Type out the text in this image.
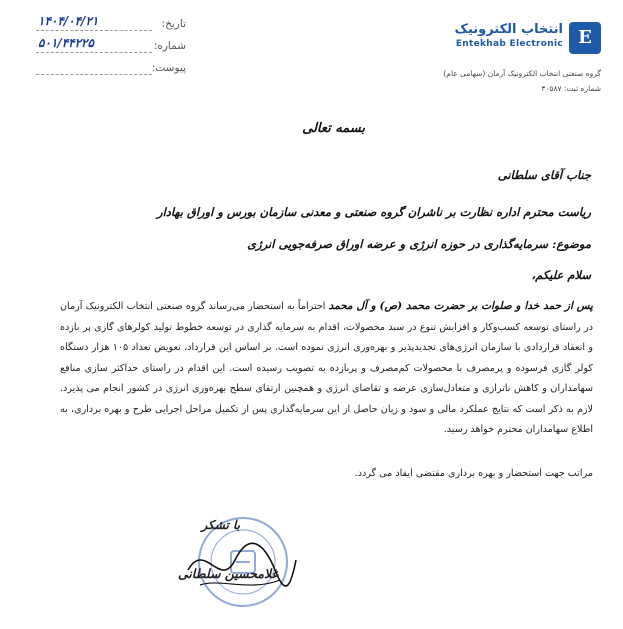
۱۴۰۴/۰۴/۲۱	تاریخ:
۵۰۱/۴۴۲۲۵	شماره:
پیوست:
E
انتخاب الکترونیک
Entekhab Electronic
گروه صنعتی انتخاب الکترونیک آرمان (سهامی عام)
شماره ثبت: ۳۰۵۸۷
بسمه تعالی
جناب آقای سلطانی
ریاست محترم اداره نظارت بر ناشران گروه صنعتی و معدنی سازمان بورس و اوراق بهادار
موضوع: سرمایه‌گذاری در حوزه انرژی و عرضه اوراق صرفه‌جویی انرژی
سلام علیکم،
پس از حمد خدا و صلوات بر حضرت محمد (ص) و آل محمد احتراماً به استحضار می‌رساند گروه صنعتی انتخاب الکترونیک آرمان در راستای توسعه کسب‌وکار و افزایش تنوع در سبد محصولات، اقدام به سرمایه گذاری در توسعه خطوط تولید کولرهای گازی پر بازده و انعقاد قراردادی با سازمان انرژی‌های تجدیدپذیر و بهره‌وری انرژی نموده است. بر اساس این قرارداد، تعویض تعداد ۱۰۵ هزار دستگاه کولر گازی فرسوده و پرمصرف با محصولات کم‌مصرف و پربازده به تصویب رسیده است. این اقدام در راستای حداکثر سازی منافع سهامداران و کاهش ناترازی و متعادل‌سازی عرضه و تقاضای انرژی و همچنین ارتقای سطح بهره‌وری انرژی در کشور انجام می پذیرد. لازم به ذکر است که نتایج عملکرد مالی و سود و زیان حاصل از این سرمایه‌گذاری پس از تکمیل مراحل اجرایی طرح و بهره برداری، به اطلاع سهامداران محترم خواهد رسید.
مراتب جهت استحضار و بهره برداری مقتضی ایفاد می گردد.
با تشکر
غلامحسین سلطانی
